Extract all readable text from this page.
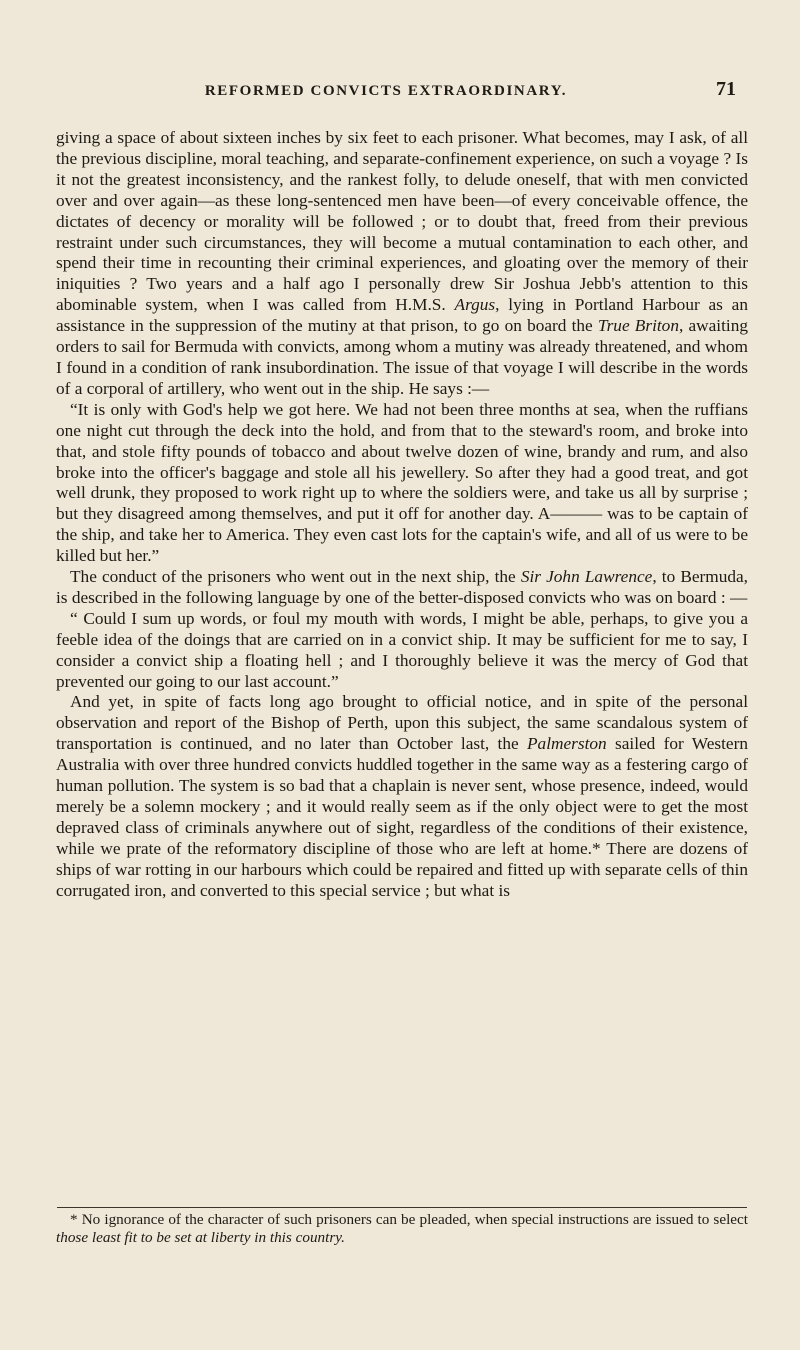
REFORMED CONVICTS EXTRAORDINARY.	71

giving a space of about sixteen inches by six feet to each prisoner. What becomes, may I ask, of all the previous discipline, moral teaching, and separate-confinement experience, on such a voyage ? Is it not the greatest inconsistency, and the rankest folly, to delude oneself, that with men convicted over and over again—as these long-sentenced men have been—of every conceivable offence, the dictates of decency or morality will be followed ; or to doubt that, freed from their previous restraint under such circumstances, they will become a mutual contamination to each other, and spend their time in recounting their criminal experiences, and gloating over the memory of their iniquities ? Two years and a half ago I personally drew Sir Joshua Jebb's attention to this abominable system, when I was called from H.M.S. Argus, lying in Portland Harbour as an assistance in the suppression of the mutiny at that prison, to go on board the True Briton, awaiting orders to sail for Bermuda with convicts, among whom a mutiny was already threatened, and whom I found in a condition of rank insubordination. The issue of that voyage I will describe in the words of a corporal of artillery, who went out in the ship. He says :—

“It is only with God's help we got here. We had not been three months at sea, when the ruffians one night cut through the deck into the hold, and from that to the steward's room, and broke into that, and stole fifty pounds of tobacco and about twelve dozen of wine, brandy and rum, and also broke into the officer's baggage and stole all his jewellery. So after they had a good treat, and got well drunk, they proposed to work right up to where the soldiers were, and take us all by surprise ; but they disagreed among themselves, and put it off for another day. A——— was to be captain of the ship, and take her to America. They even cast lots for the captain's wife, and all of us were to be killed but her.”

The conduct of the prisoners who went out in the next ship, the Sir John Lawrence, to Bermuda, is described in the following language by one of the better-disposed convicts who was on board : —

“ Could I sum up words, or foul my mouth with words, I might be able, perhaps, to give you a feeble idea of the doings that are carried on in a convict ship. It may be sufficient for me to say, I consider a convict ship a floating hell ; and I thoroughly believe it was the mercy of God that prevented our going to our last account.”

And yet, in spite of facts long ago brought to official notice, and in spite of the personal observation and report of the Bishop of Perth, upon this subject, the same scandalous system of transportation is continued, and no later than October last, the Palmerston sailed for Western Australia with over three hundred convicts huddled together in the same way as a festering cargo of human pollution. The system is so bad that a chaplain is never sent, whose presence, indeed, would merely be a solemn mockery ; and it would really seem as if the only object were to get the most depraved class of criminals anywhere out of sight, regardless of the conditions of their existence, while we prate of the reformatory discipline of those who are left at home.* There are dozens of ships of war rotting in our harbours which could be repaired and fitted up with separate cells of thin corrugated iron, and converted to this special service ; but what is

* No ignorance of the character of such prisoners can be pleaded, when special instructions are issued to select those least fit to be set at liberty in this country.
